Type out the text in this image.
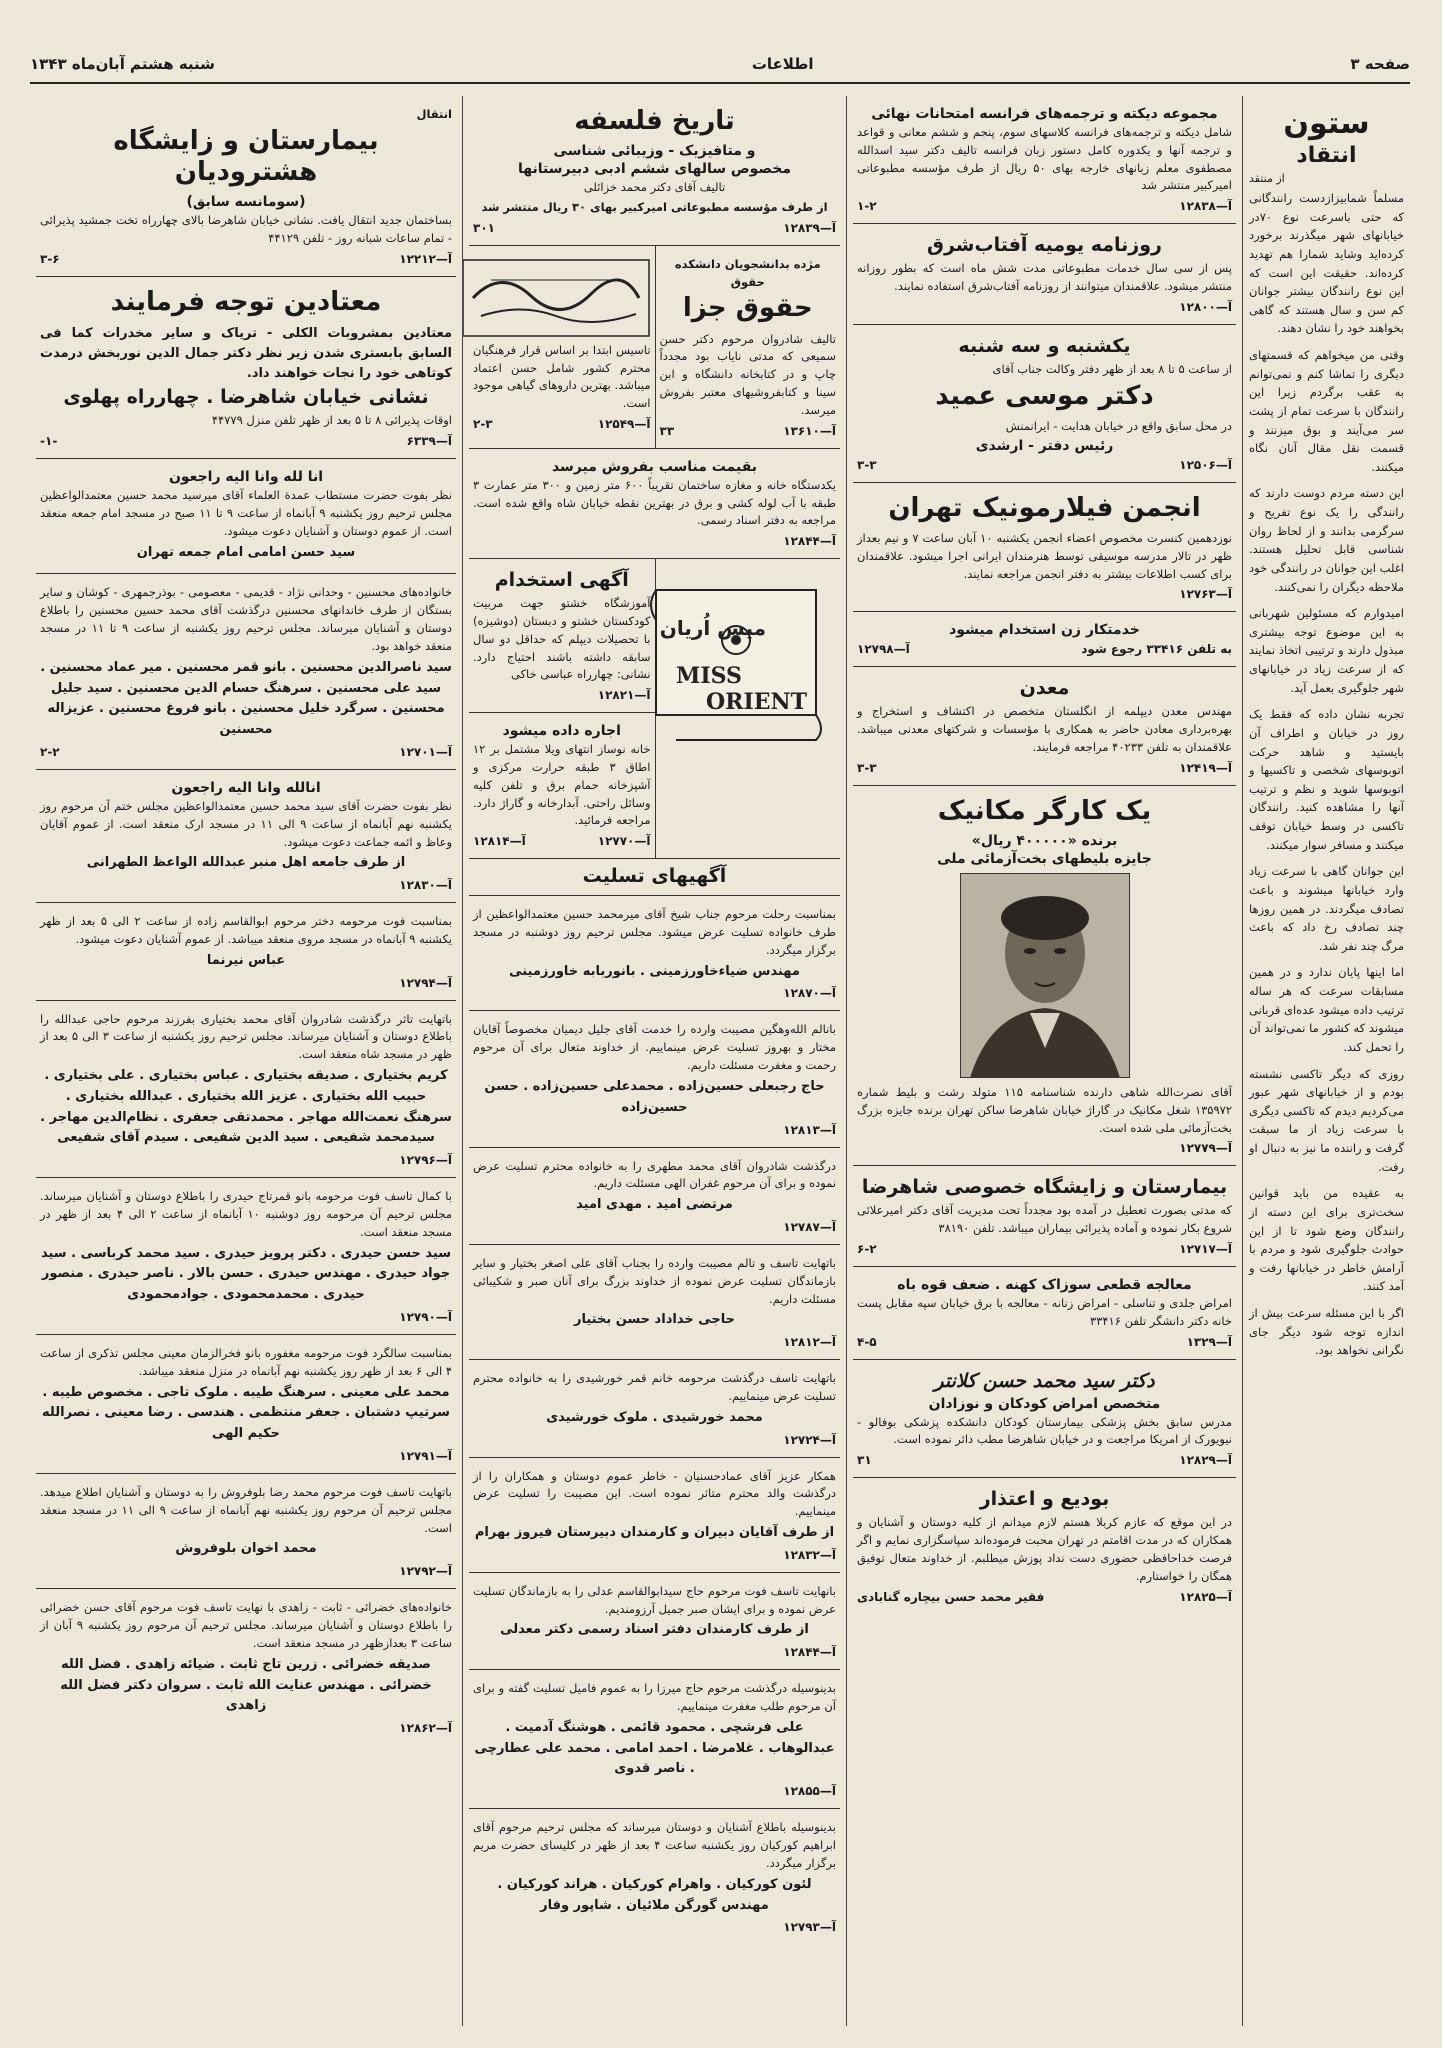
صفحه ۳
اطلاعات
شنبه هشتم آبان‌ماه ۱۳۴۳
ستون
انتقاد
از منتقد

مسلماً شمابیزازدست رانندگانی که حتی باسرعت نوع ۷۰در خیابانهای شهر میگذرند برخورد کرده‌اید وشاید شمارا هم تهدید کرده‌اند. حقیقت این است که این نوع رانندگان بیشتر جوانان کم سن و سال هستند که گاهی بخواهند خود را نشان دهند.

وقتی من میخواهم که قسمتهای دیگری را تماشا کنم و نمی‌توانم به عقب برگردم زیرا این رانندگان با سرعت تمام از پشت سر می‌آیند و بوق میزنند و قسمت نقل مقال آنان نگاه میکنند.

این دسته مردم دوست دارند که رانندگی را یک نوع تفریح و سرگرمی بدانند و از لحاظ روان شناسی قابل تحلیل هستند. اغلب این جوانان در رانندگی خود ملاحظه دیگران را نمی‌کنند.

امیدوارم که مسئولین شهربانی به این موضوع توجه بیشتری مبذول دارند و ترتیبی اتخاذ نمایند که از سرعت زیاد در خیابانهای شهر جلوگیری بعمل آید.

تجربه نشان داده که فقط یک روز در خیابان و اطراف آن بایستید و شاهد حرکت اتوبوسهای شخصی و تاکسیها و اتوبوسها شوید و نظم و ترتیب آنها را مشاهده کنید. رانندگان تاکسی در وسط خیابان توقف میکنند و مسافر سوار میکنند.

این جوانان گاهی با سرعت زیاد وارد خیابانها میشوند و باعث تصادف میگردند. در همین روزها چند تصادف رخ داد که باعث مرگ چند نفر شد.

اما اینها پایان ندارد و در همین مسابقات سرعت که هر ساله ترتیب داده میشود عده‌ای قربانی میشوند که کشور ما نمی‌تواند آن را تحمل کند.

روزی که دیگر تاکسی نشسته بودم و از خیابانهای شهر عبور می‌کردیم دیدم که تاکسی دیگری با سرعت زیاد از ما سبقت گرفت و راننده ما نیز به دنبال او رفت.

به عقیده من باید قوانین سخت‌تری برای این دسته از رانندگان وضع شود تا از این حوادث جلوگیری شود و مردم با آرامش خاطر در خیابانها رفت و آمد کنند.

اگر با این مسئله سرعت بیش از اندازه توجه شود دیگر جای نگرانی نخواهد بود.

مجموعه دیکته و ترجمه‌های فرانسه امتحانات نهائی

شامل دیکته و ترجمه‌های فرانسه کلاسهای سوم، پنجم و ششم معانی و قواعد و ترجمه آنها و یکدوره کامل دستور زبان فرانسه تالیف دکتر سید اسدالله مصطفوی معلم زبانهای خارجه بهای ۵۰ ریال از طرف مؤسسه مطبوعاتی امیرکبیر منتشر شد

آ—۱۲۸۳۸
۱-۲
روزنامه یومیه آفتاب‌شرق

پس از سی سال خدمات مطبوعاتی مدت شش ماه است که بطور روزانه منتشر میشود. علاقمندان میتوانند از روزنامه آفتاب‌شرق استفاده نمایند.

آ—۱۲۸۰۰
یکشنبه و سه شنبه

از ساعت ۵ تا ۸ بعد از ظهر دفتر وکالت جناب آقای

دکتر موسی عمید

در محل سابق واقع در خیابان هدایت - ایرانمنش

رئیس دفتر - ارشدی
آ—۱۲۵۰۶
۳-۳
انجمن فیلارمونیک تهران

نوزدهمین کنسرت مخصوص اعضاء انجمن یکشنبه ۱۰ آبان ساعت ۷ و نیم بعداز ظهر در تالار مدرسه موسیقی توسط هنرمندان ایرانی اجرا میشود. علاقمندان برای کسب اطلاعات بیشتر به دفتر انجمن مراجعه نمایند.

آ—۱۲۷۶۳
خدمتکار زن استخدام میشود
به تلفن ۳۳۴۱۶ رجوع شود
آ—۱۲۷۹۸
معدن

مهندس معدن دیپلمه از انگلستان متخصص در اکتشاف و استخراج و بهره‌برداری معادن حاضر به همکاری با مؤسسات و شرکتهای معدنی میباشد. علاقمندان به تلفن ۴۰۲۳۳ مراجعه فرمایند.

آ—۱۲۴۱۹
۳-۳
یک کارگر مکانیک
برنده «۴۰۰۰۰۰ ریال»
جایزه بلیطهای بخت‌آزمائی ملی

آقای نصرت‌الله شاهی دارنده شناسنامه ۱۱۵ متولد رشت و بلیط شماره ۱۳۵۹۷۲ شغل مکانیک در گاراژ خیابان شاهرضا ساکن تهران برنده جایزه بزرگ بخت‌آزمائی ملی شده است.

آ—۱۲۷۷۹
بیمارستان و زایشگاه خصوصی شاهرضا

که مدتی بصورت تعطیل در آمده بود مجدداً تحت مدیریت آقای دکتر امیرعلائی شروع بکار نموده و آماده پذیرائی بیماران میباشد. تلفن ۳۸۱۹۰

آ—۱۲۷۱۷
۶-۲
معالجه قطعی سوزاک کهنه . ضعف قوه باه

امراض جلدی و تناسلی - امراض زنانه - معالجه با برق خیابان سپه مقابل پست خانه دکتر دانشگر تلفن ۳۳۴۱۶

آ—۱۳۲۹
۴-۵
دکتر سید محمد حسن کلانتر
متخصص امراض کودکان و نوزادان

مدرس سابق بخش پزشکی بیمارستان کودکان دانشکده پزشکی بوفالو - نیویورک از امریکا مراجعت و در خیابان شاهرضا مطب دائر نموده است.

آ—۱۲۸۲۹
۳۱
بودیع و اعتذار

در این موقع که عازم کربلا هستم لازم میدانم از کلیه دوستان و آشنایان و همکاران که در مدت اقامتم در تهران محبت فرموده‌اند سپاسگزاری نمایم و اگر فرصت خداحافظی حضوری دست نداد پوزش میطلبم. از خداوند متعال توفیق همگان را خواستارم.

آ—۱۲۸۲۵
فقیر محمد حسن بیچاره گنابادی
تاریخ فلسفه
و متافیزیک - وزیبائی شناسی
مخصوص سالهای ششم ادبی دبیرستانها

تالیف آقای دکتر محمد خزائلی

از طرف مؤسسه مطبوعاتی امیرکبیر بهای ۳۰ ریال منتشر شد

آ—۱۲۸۳۹
۳۰۱

مژده بدانشجویان دانشکده حقوق

حقوق جزا

تالیف شادروان مرحوم دکتر حسن سمیعی که مدتی نایاب بود مجدداً چاپ و در کتابخانه دانشگاه و ابن سینا و کتابفروشیهای معتبر بفروش میرسد.

آ—۱۳۶۱۰
۳۳

تاسیس ابتدا بر اساس قرار فرهنگیان محترم کشور شامل حسن اعتماد میباشد. بهترین داروهای گیاهی موجود است.

آ—۱۲۵۴۹
۲-۳
بقیمت مناسب بفروش میرسد

یکدستگاه خانه و مغازه ساختمان تقریباً ۶۰۰ متر زمین و ۳۰۰ متر عمارت ۳ طبقه با آب لوله کشی و برق در بهترین نقطه خیابان شاه واقع شده است. مراجعه به دفتر اسناد رسمی.

آ—۱۲۸۴۴
میس اُریان
MISS
ORIENT
آگهی استخدام

آموزشگاه خشتو جهت مربیت کودکستان خشتو و دبستان (دوشیزه) با تحصیلات دیپلم که حداقل دو سال سابقه داشته باشند احتیاج دارد. نشانی: چهارراه عباسی خاکی

آ—۱۲۸۲۱
اجاره داده میشود

خانه نوساز انتهای ویلا مشتمل بر ۱۲ اطاق ۳ طبقه حرارت مرکزی و آشپزخانه حمام برق و تلفن کلیه وسائل راحتی. آبدارخانه و گاراژ دارد. مراجعه فرمائید.

آ—۱۲۷۷۰
آ—۱۲۸۱۴
آگهیهای تسلیت

بمناسبت رحلت مرحوم جناب شیخ آقای میرمحمد حسین معتمدالواعظین از طرف خانواده تسلیت عرض میشود. مجلس ترحیم روز دوشنبه در مسجد برگزار میگردد.

مهندس ضیاءخاورزمینی . بانوربابه خاورزمینی
آ—۱۲۸۷۰

بانالم الله‌وهگین مصیبت وارده را خدمت آقای جلیل دیمیان مخصوصاً آقایان مختار و بهروز تسلیت عرض مینماییم. از خداوند متعال برای آن مرحوم رحمت و مغفرت مسئلت داریم.

حاج رجبعلی حسین‌زاده . محمدعلی حسین‌زاده . حسن حسین‌زاده
آ—۱۲۸۱۳

درگذشت شادروان آقای محمد مطهری را به خانواده محترم تسلیت عرض نموده و برای آن مرحوم غفران الهی مسئلت داریم.

مرتضی امید . مهدی امید
آ—۱۲۷۸۷

باتهایت تاسف و تالم مصیبت وارده را بجناب آقای علی اصغر بختیار و سایر بازماندگان تسلیت عرض نموده از خداوند بزرگ برای آنان صبر و شکیبائی مسئلت داریم.

حاجی خداداد حسن بختیار
آ—۱۲۸۱۲

باتهایت تاسف درگذشت مرحومه خانم قمر خورشیدی را به خانواده محترم تسلیت عرض مینماییم.

محمد خورشیدی . ملوک خورشیدی
آ—۱۲۷۲۴

همکار عزیز آقای عمادحسنیان - خاطر عموم دوستان و همکاران را از درگذشت والد محترم متاثر نموده است. این مصیبت را تسلیت عرض مینماییم.

از طرف آقایان دبیران و کارمندان دبیرستان فیروز بهرام
آ—۱۲۸۳۲

بانهایت تاسف فوت مرحوم حاج سیدابوالقاسم عدلی را به بازماندگان تسلیت عرض نموده و برای ایشان صبر جمیل آرزومندیم.

از طرف کارمندان دفتر اسناد رسمی دکتر معدلی
آ—۱۲۸۴۴

بدینوسیله درگذشت مرحوم حاج میرزا را به عموم فامیل تسلیت گفته و برای آن مرحوم طلب مغفرت مینماییم.

علی فرشچی . محمود قائمی . هوشنگ آدمیت . عبدالوهاب . غلامرضا . احمد امامی . محمد علی عطارچی . ناصر قدوی
آ—۱۲۸۵۵

بدینوسیله باطلاع آشنایان و دوستان میرساند که مجلس ترحیم مرحوم آقای ابراهیم کورکیان روز یکشنبه ساعت ۴ بعد از ظهر در کلیسای حضرت مریم برگزار میگردد.

لئون کورکیان . واهرام کورکیان . هراند کورکیان . مهندس گورگن ملائیان . شاپور وفار
آ—۱۲۷۹۳

انتقال

بیمارستان و زایشگاه هشترودیان
(سومانسه سابق)

بساختمان جدید انتقال یافت. نشانی خیابان شاهرضا بالای چهارراه تخت جمشید پذیرائی - تمام ساعات شبانه روز - تلفن ۴۴۱۲۹

آ—۱۲۲۱۲
۳-۶
معتادین توجه فرمایند

معتادین بمشروبات الکلی - تریاک و سایر مخدرات کما فی السابق بابستری شدن زیر نظر دکتر جمال الدین نوربخش درمدت کوتاهی خود را نجات خواهند داد.

نشانی خیابان شاهرضا . چهارراه پهلوی

اوقات پذیرائی ۸ تا ۵ بعد از ظهر تلفن منزل ۴۴۷۷۹

آ—۶۳۳۹
-۱-
انا لله وانا اليه راجعون

نظر بفوت حضرت مستطاب عمدة العلماء آقای میرسید محمد حسین معتمدالواعظین مجلس ترحیم روز یکشنبه ۹ آبانماه از ساعت ۹ تا ۱۱ صبح در مسجد امام جمعه منعقد است. از عموم دوستان و آشنایان دعوت میشود.

سید حسن امامی امام جمعه تهران

خانواده‌های محسنین - وحدانی نژاد - قدیمی - معصومی - بوذرجمهری - کوشان و سایر بستگان از طرف خاندانهای محسنین درگذشت آقای محمد حسین محسنین را باطلاع دوستان و آشنایان میرساند. مجلس ترحیم روز یکشنبه از ساعت ۹ تا ۱۱ در مسجد منعقد خواهد بود.

سید ناصرالدین محسنین . بانو قمر محسنین . میر عماد محسنین . سید علی محسنین . سرهنگ حسام الدین محسنین . سید جلیل محسنین . سرگرد خلیل محسنین . بانو فروغ محسنین . عزیزاله محسنین
آ—۱۲۷۰۱
۲-۲
انالله وانا اليه راجعون

نظر بفوت حضرت آقای سید محمد حسین معتمدالواعظین مجلس ختم آن مرحوم روز یکشنبه نهم آبانماه از ساعت ۹ الی ۱۱ در مسجد ارک منعقد است. از عموم آقایان وعاظ و ائمه جماعت دعوت میشود.

از طرف جامعه اهل منبر عبدالله الواعظ الطهرانی
آ—۱۲۸۳۰

بمناسبت فوت مرحومه دختر مرحوم ابوالقاسم زاده از ساعت ۲ الی ۵ بعد از ظهر یکشنبه ۹ آبانماه در مسجد مروی منعقد میباشد. از عموم آشنایان دعوت میشود.

عباس نیرنما
آ—۱۲۷۹۴

باتهایت تاثر درگذشت شادروان آقای محمد بختیاری بفرزند مرحوم حاجی عبدالله را باطلاع دوستان و آشنایان میرساند. مجلس ترحیم روز یکشنبه از ساعت ۳ الی ۵ بعد از ظهر در مسجد شاه منعقد است.

کریم بختیاری . صدیقه بختیاری . عباس بختیاری . علی بختیاری . حبیب الله بختیاری . عزیز الله بختیاری . عبدالله بختیاری . سرهنگ نعمت‌الله مهاجر . محمدتقی جعفری . نظام‌الدین مهاجر . سیدمحمد شفیعی . سید الدین شفیعی . سیدم آقای شفیعی
آ—۱۲۷۹۶

با کمال تاسف فوت مرحومه بانو قمرتاج حیدری را باطلاع دوستان و آشنایان میرساند. مجلس ترحیم آن مرحومه روز دوشنبه ۱۰ آبانماه از ساعت ۲ الی ۴ بعد از ظهر در مسجد منعقد است.

سید حسن حیدری . دکتر پرویز حیدری . سید محمد کرباسی . سید جواد حیدری . مهندس حیدری . حسن بالار . ناصر حیدری . منصور حیدری . محمدمحمودی . جوادمحمودی
آ—۱۲۷۹۰

بمناسبت سالگرد فوت مرحومه مغفوره بانو فخرالزمان معینی مجلس تذکری از ساعت ۴ الی ۶ بعد از ظهر روز یکشنبه نهم آبانماه در منزل منعقد میباشد.

محمد علی معینی . سرهنگ طیبه . ملوک تاجی . مخصوص طیبه . سرتیپ دشتبان . جعفر منتظمی . هندسی . رضا معینی . نصرالله حکیم الهی
آ—۱۲۷۹۱

باتهایت تاسف فوت مرحوم محمد رضا بلوفروش را به دوستان و آشنایان اطلاع میدهد. مجلس ترحیم آن مرحوم روز یکشنبه نهم آبانماه از ساعت ۹ الی ۱۱ در مسجد منعقد است.

محمد اخوان بلوفروش
آ—۱۲۷۹۲

خانواده‌های خضرائی - ثابت - زاهدی با نهایت تاسف فوت مرحوم آقای حسن خضرائی را باطلاع دوستان و آشنایان میرساند. مجلس ترحیم آن مرحوم روز یکشنبه ۹ آبان از ساعت ۳ بعدازظهر در مسجد منعقد است.

صدیقه خضرائی . زرین تاج ثابت . ضیائه زاهدی . فضل الله خضرائی . مهندس عنایت الله ثابت . سروان دکتر فضل الله زاهدی
آ—۱۲۸۶۲
